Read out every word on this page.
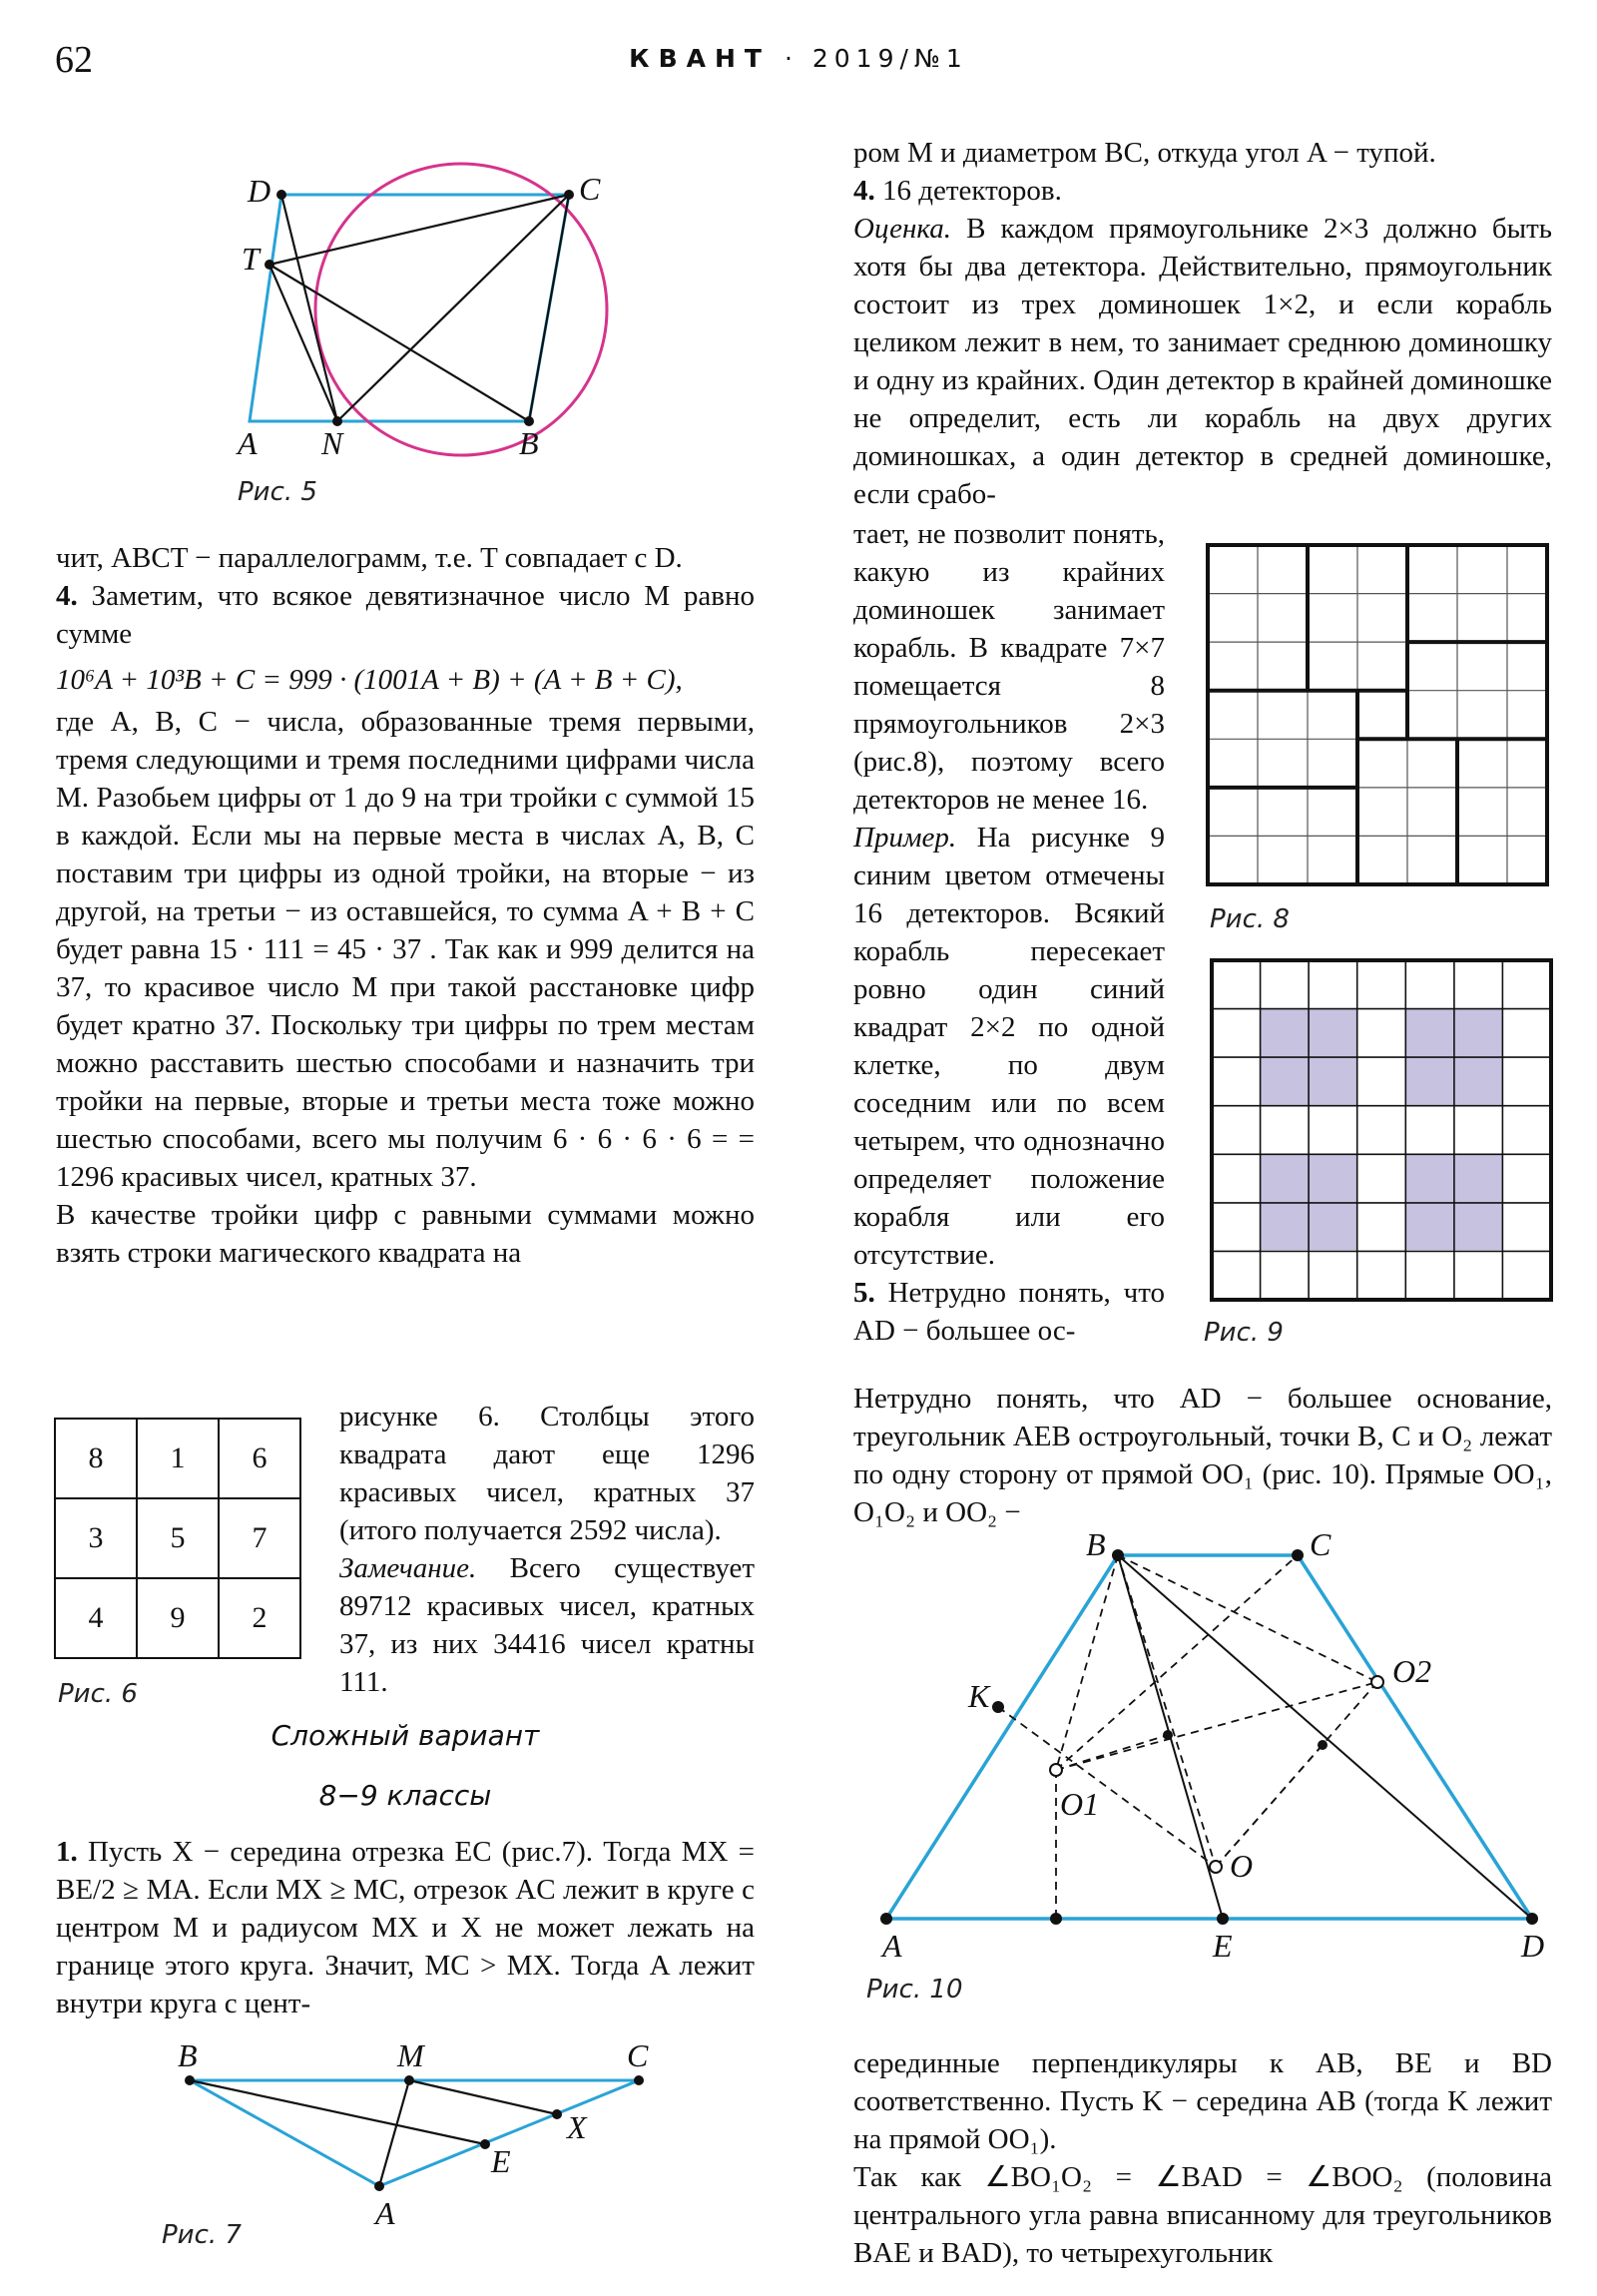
62	КВАНТ · 2019/№1
D	C
T
A N	B
Рис. 5

чит, ABCT − параллелограмм, т.е. T совпадает с D.

4. Заметим, что всякое девятизначное число M равно сумме

10⁶A + 10³B + C = 999 · (1001A + B) + (A + B + C),

где A, B, C − числа, образованные тремя первыми, тремя следующими и тремя последними цифрами числа M. Разобьем цифры от 1 до 9 на три тройки с суммой 15 в каждой. Если мы на первые места в числах A, B, C поставим три цифры из одной тройки, на вторые − из другой, на третьи − из оставшейся, то сумма A + B + C будет равна 15 · 111 = 45 · 37 . Так как и 999 делится на 37, то красивое число M при такой расстановке цифр будет кратно 37. Поскольку три цифры по трем местам можно расставить шестью способами и назначить три тройки на первые, вторые и третьи места тоже можно шестью способами, всего мы получим 6 · 6 · 6 · 6 = = 1296 красивых чисел, кратных 37.

В качестве тройки цифр с равными суммами можно взять строки магического квадрата на

8	1	6
3	5	7
4	9	2
Рис. 6

рисунке 6. Столбцы этого квадрата дают еще 1296 красивых чисел, кратных 37 (итого получается 2592 числа).

Замечание. Всего существует 89712 красивых чисел, кратных 37, из них 34416 чисел кратны 111.

Сложный вариант
8−9 классы

1. Пусть X − середина отрезка EC (рис.7). Тогда MX = BE/2 ≥ MA. Если MX ≥ MC, отрезок AC лежит в круге с центром M и радиусом MX и X не может лежать на границе этого круга. Значит, MC > MX. Тогда A лежит внутри круга с цент-

B	M	C
X
E
A
Рис. 7

ром M и диаметром BC, откуда угол A − тупой.

4. 16 детекторов.

Оценка. В каждом прямоугольнике 2×3 должно быть хотя бы два детектора. Действительно, прямоугольник состоит из трех доминошек 1×2, и если корабль целиком лежит в нем, то занимает среднюю доминошку и одну из крайних. Один детектор в крайней доминошке не определит, есть ли корабль на двух других доминошках, а один детектор в средней доминошке, если срабо-

тает, не позволит понять, какую из крайних доминошек занимает корабль. В квадрате 7×7 помещается 8 прямоугольников 2×3 (рис.8), поэтому всего детекторов не менее 16.

Пример. На рисунке 9 синим цветом отмечены 16 детекторов. Всякий корабль пересекает ровно один синий квадрат 2×2 по одной клетке, по двум соседним или по всем четырем, что однозначно определяет положение корабля или его отсутствие.

5. Нетрудно понять, что AD − большее ос-

Рис. 8
Рис. 9

Нетрудно понять, что AD − большее основание, треугольник AEB остроугольный, точки B, C и O₂ лежат по одну сторону от прямой OO₁ (рис. 10). Прямые OO₁, O₁O₂ и OO₂ −

B	C
K
O2
O1
O
A	E	D
Рис. 10

серединные перпендикуляры к AB, BE и BD соответственно. Пусть K − середина AB (тогда K лежит на прямой OO₁).

Так как ∠BO₁O₂ = ∠BAD = ∠BOO₂ (половина центрального угла равна вписанному для треугольников BAE и BAD), то четырехугольник
